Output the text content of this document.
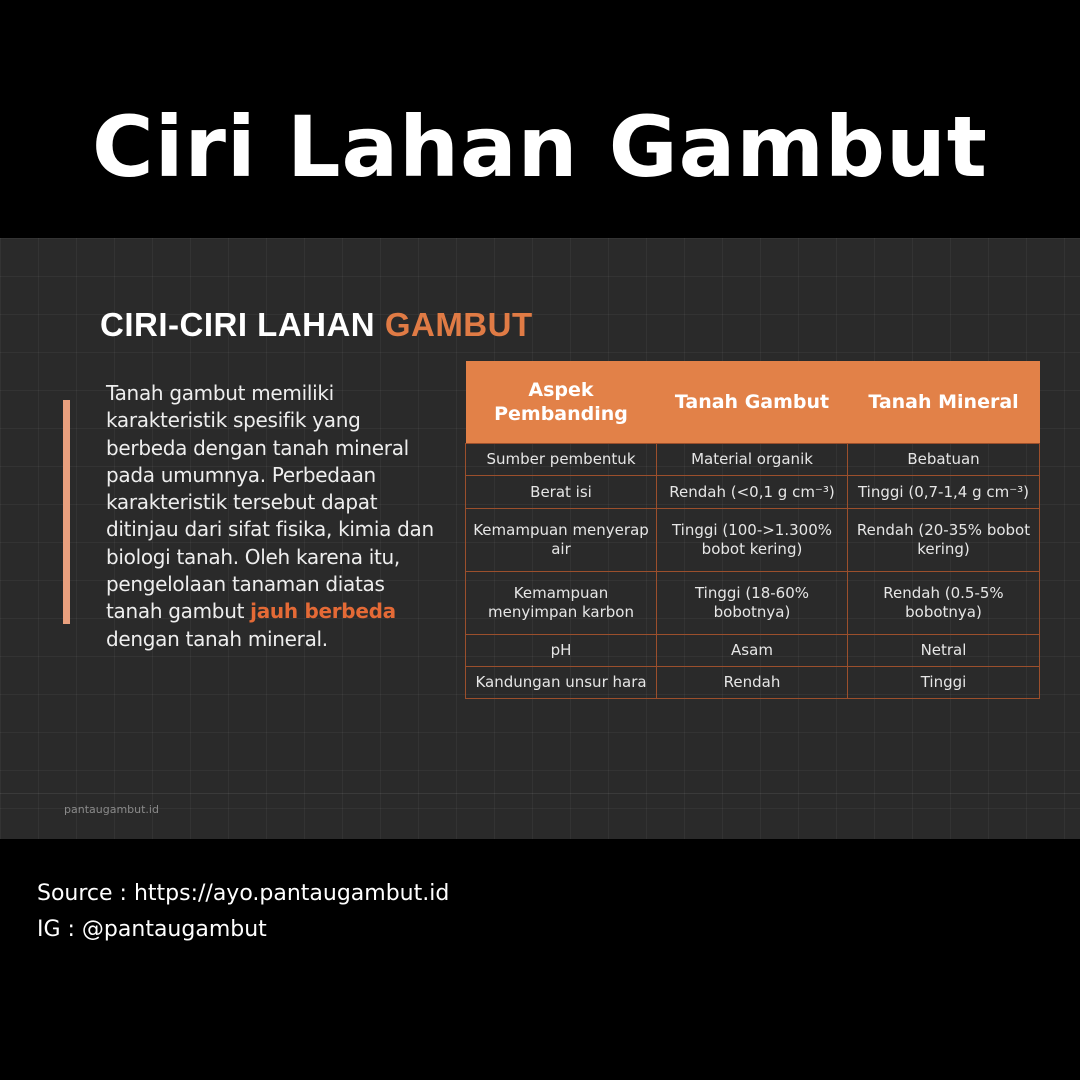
Ciri Lahan Gambut
CIRI-CIRI LAHAN GAMBUT
Tanah gambut memiliki karakteristik spesifik yang berbeda dengan tanah mineral pada umumnya. Perbedaan karakteristik tersebut dapat ditinjau dari sifat fisika, kimia dan biologi tanah. Oleh karena itu, pengelolaan tanaman diatas tanah gambut jauh berbeda dengan tanah mineral.
Aspek Pembanding	Tanah Gambut	Tanah Mineral
Sumber pembentuk	Material organik	Bebatuan
Berat isi	Rendah (<0,1 g cm⁻³)	Tinggi (0,7-1,4 g cm⁻³)
Kemampuan menyerap air	Tinggi (100->1.300% bobot kering)	Rendah (20-35% bobot kering)
Kemampuan menyimpan karbon	Tinggi (18-60% bobotnya)	Rendah (0.5-5% bobotnya)
pH	Asam	Netral
Kandungan unsur hara	Rendah	Tinggi
pantaugambut.id
Source : https://ayo.pantaugambut.id
IG : @pantaugambut
